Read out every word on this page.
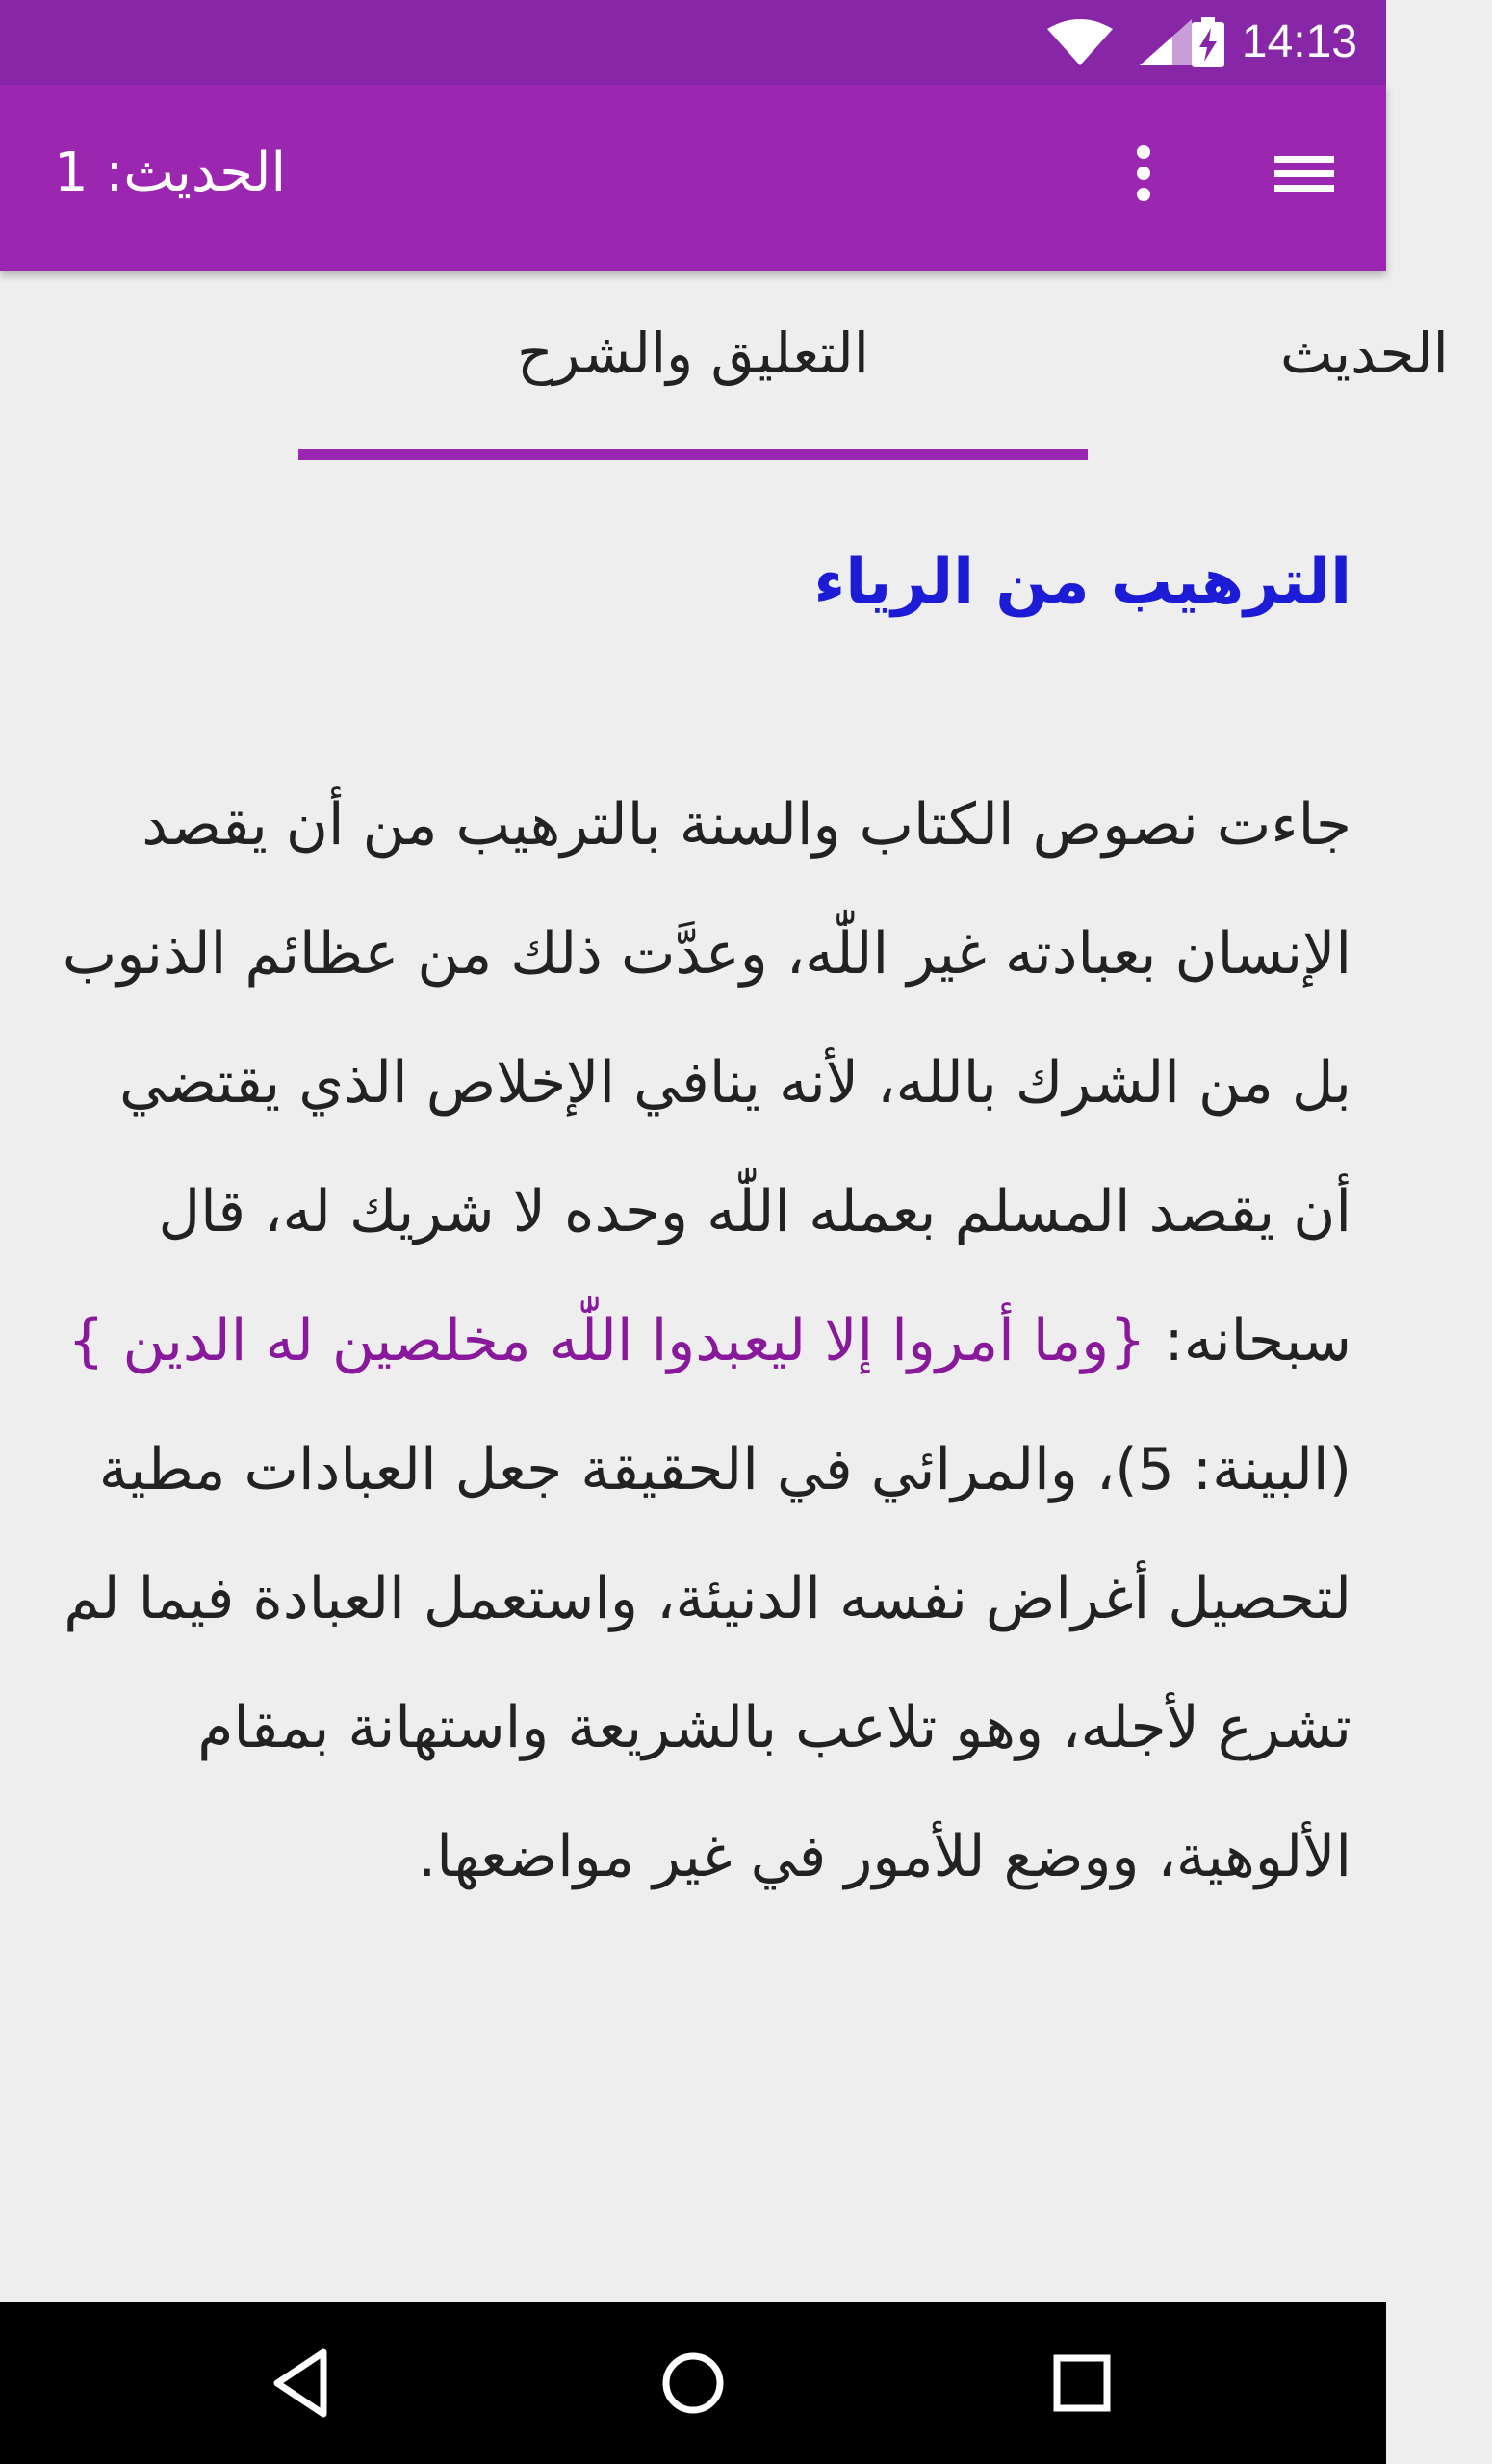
14:13
الحديث: 1
التعليق والشرح	الحديث
الترهيب من الرياء

جاءت نصوص الكتاب والسنة بالترهيب من أن يقصد الإنسان بعبادته غير اللّٰه، وعدَّت ذلك من عظائم الذنوب بل من الشرك بالله، لأنه ينافي الإخلاص الذي يقتضي أن يقصد المسلم بعمله اللّٰه وحده لا شريك له، قال سبحانه: {وما أمروا إلا ليعبدوا اللّٰه مخلصين له الدين } (البينة: 5)، والمرائي في الحقيقة جعل العبادات مطية لتحصيل أغراض نفسه الدنيئة، واستعمل العبادة فيما لم تشرع لأجله، وهو تلاعب بالشريعة واستهانة بمقام الألوهية، ووضع للأمور في غير مواضعها.
